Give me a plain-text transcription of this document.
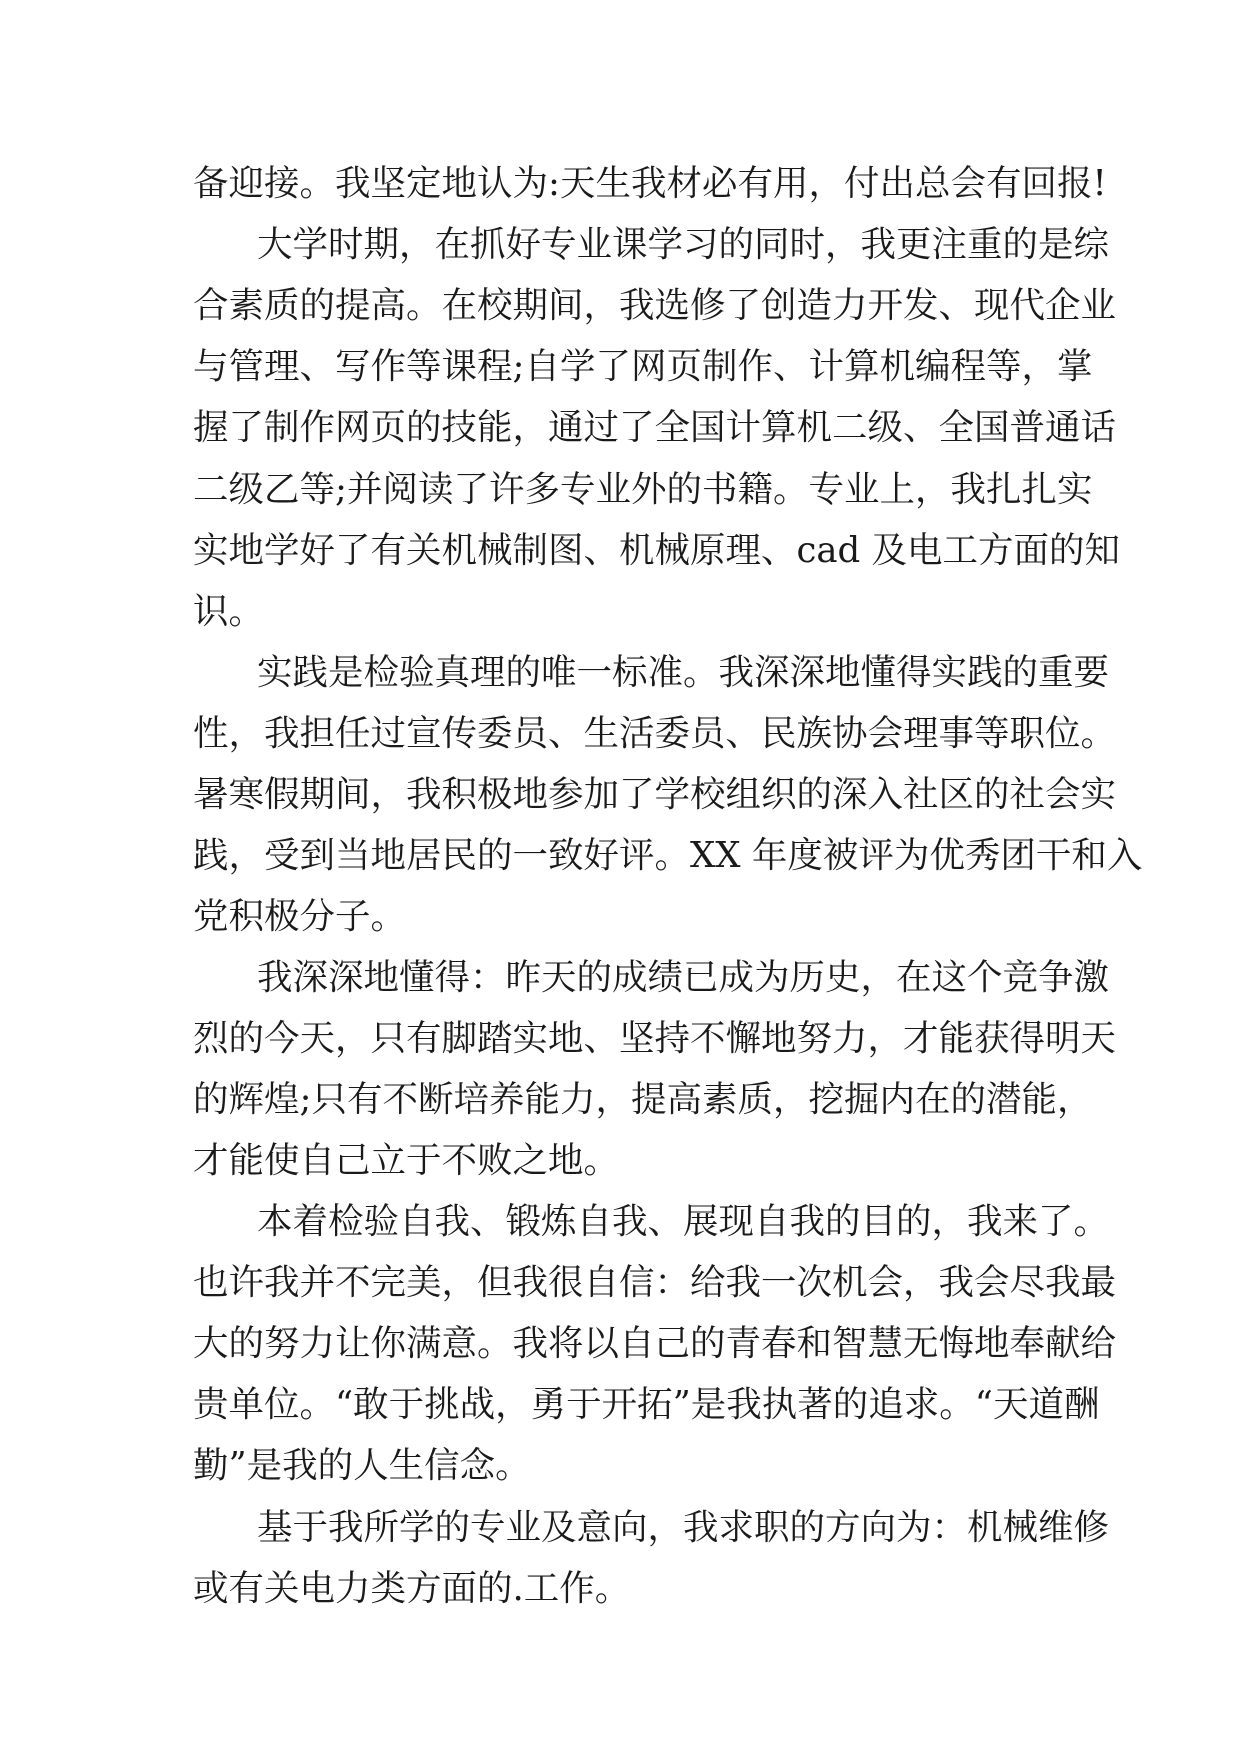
备迎接。我坚定地认为:天生我材必有用，付出总会有回报!
大学时期，在抓好专业课学习的同时，我更注重的是综
合素质的提高。在校期间，我选修了创造力开发、现代企业
与管理、写作等课程;自学了网页制作、计算机编程等，掌
握了制作网页的技能，通过了全国计算机二级、全国普通话
二级乙等;并阅读了许多专业外的书籍。专业上，我扎扎实
实地学好了有关机械制图、机械原理、cad 及电工方面的知
识。
实践是检验真理的唯一标准。我深深地懂得实践的重要
性，我担任过宣传委员、生活委员、民族协会理事等职位。
暑寒假期间，我积极地参加了学校组织的深入社区的社会实
践，受到当地居民的一致好评。XX 年度被评为优秀团干和入
党积极分子。
我深深地懂得：昨天的成绩已成为历史，在这个竞争激
烈的今天，只有脚踏实地、坚持不懈地努力，才能获得明天
的辉煌;只有不断培养能力，提高素质，挖掘内在的潜能，
才能使自己立于不败之地。
本着检验自我、锻炼自我、展现自我的目的，我来了。
也许我并不完美，但我很自信：给我一次机会，我会尽我最
大的努力让你满意。我将以自己的青春和智慧无悔地奉献给
贵单位。“敢于挑战，勇于开拓”是我执著的追求。“天道酬
勤”是我的人生信念。
基于我所学的专业及意向，我求职的方向为：机械维修
或有关电力类方面的.工作。
